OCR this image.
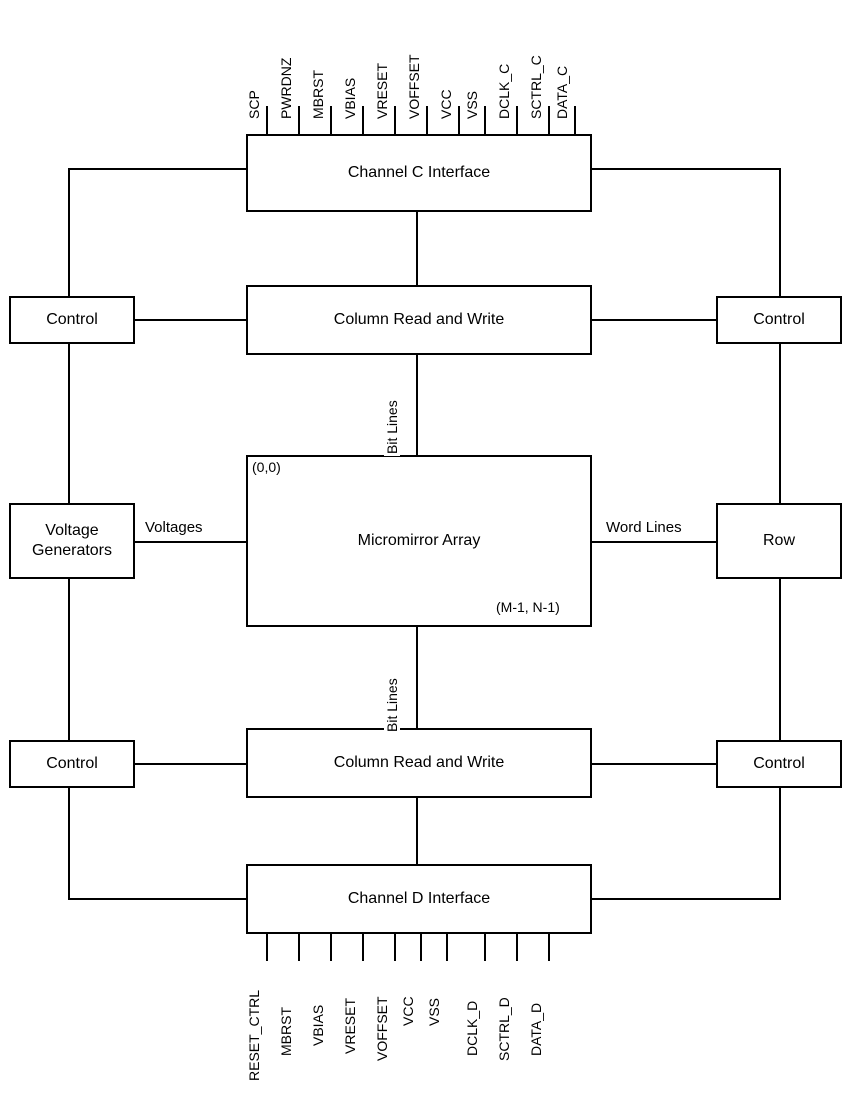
SCP PWRDNZ MBRST VBIAS VRESET VOFFSET VCC VSS DCLK_C SCTRL_C DATA_C
RESET_CTRL MBRST VBIAS VRESET VOFFSET VCC VSS DCLK_D SCTRL_D DATA_D
Channel C Interface
Column Read and Write
Micromirror Array
(0,0)
(M-1, N-1)
Column Read and Write
Channel D Interface
Control	Control
Control	Control
Voltage
Generators
Row
Voltages	Word Lines
Bit Lines
Bit Lines
